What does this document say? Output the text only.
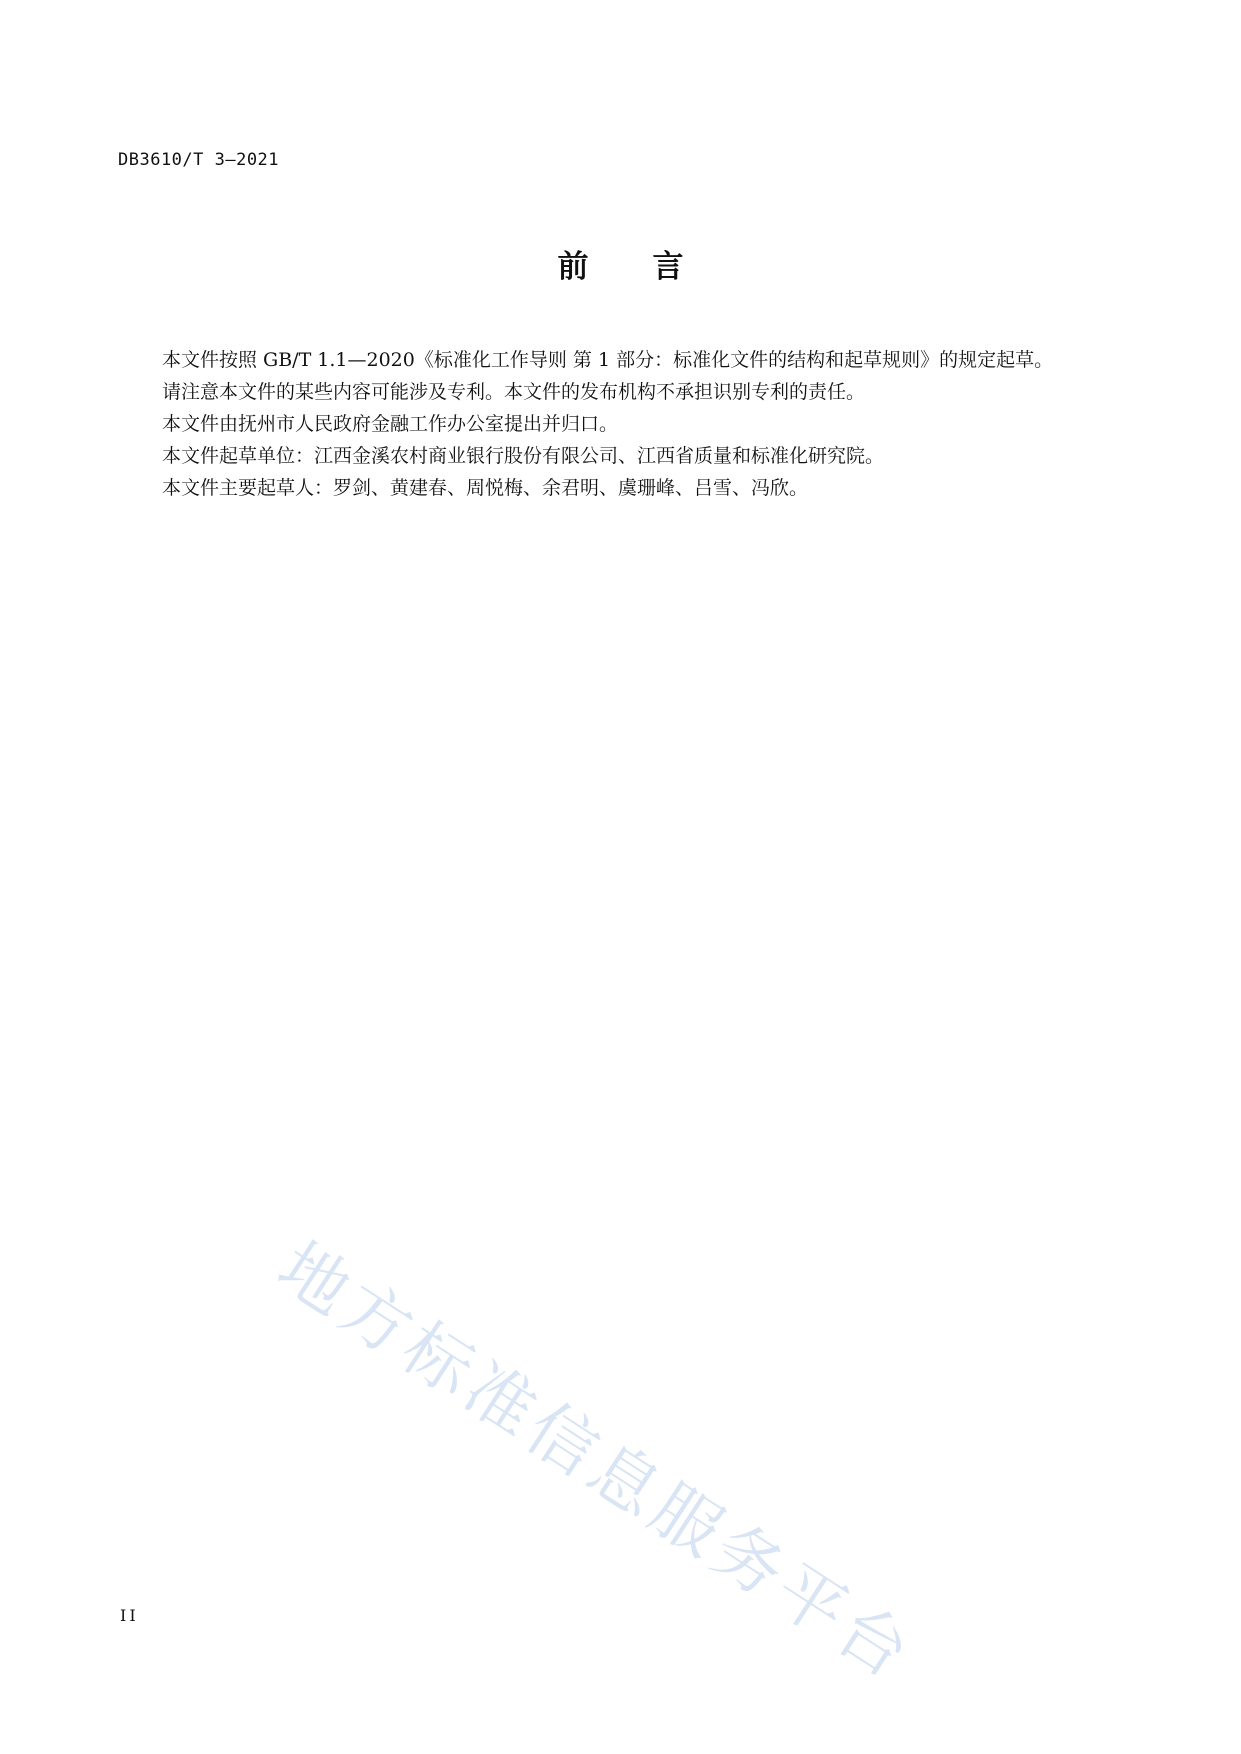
DB3610/T 3—2021
前 言

本文件按照 GB/T 1.1—2020《标准化工作导则 第 1 部分：标准化文件的结构和起草规则》的规定起草。

请注意本文件的某些内容可能涉及专利。本文件的发布机构不承担识别专利的责任。

本文件由抚州市人民政府金融工作办公室提出并归口。

本文件起草单位：江西金溪农村商业银行股份有限公司、江西省质量和标准化研究院。

本文件主要起草人：罗剑、黄建春、周悦梅、余君明、虞珊峰、吕雪、冯欣。

地方标准信息服务平台
II
